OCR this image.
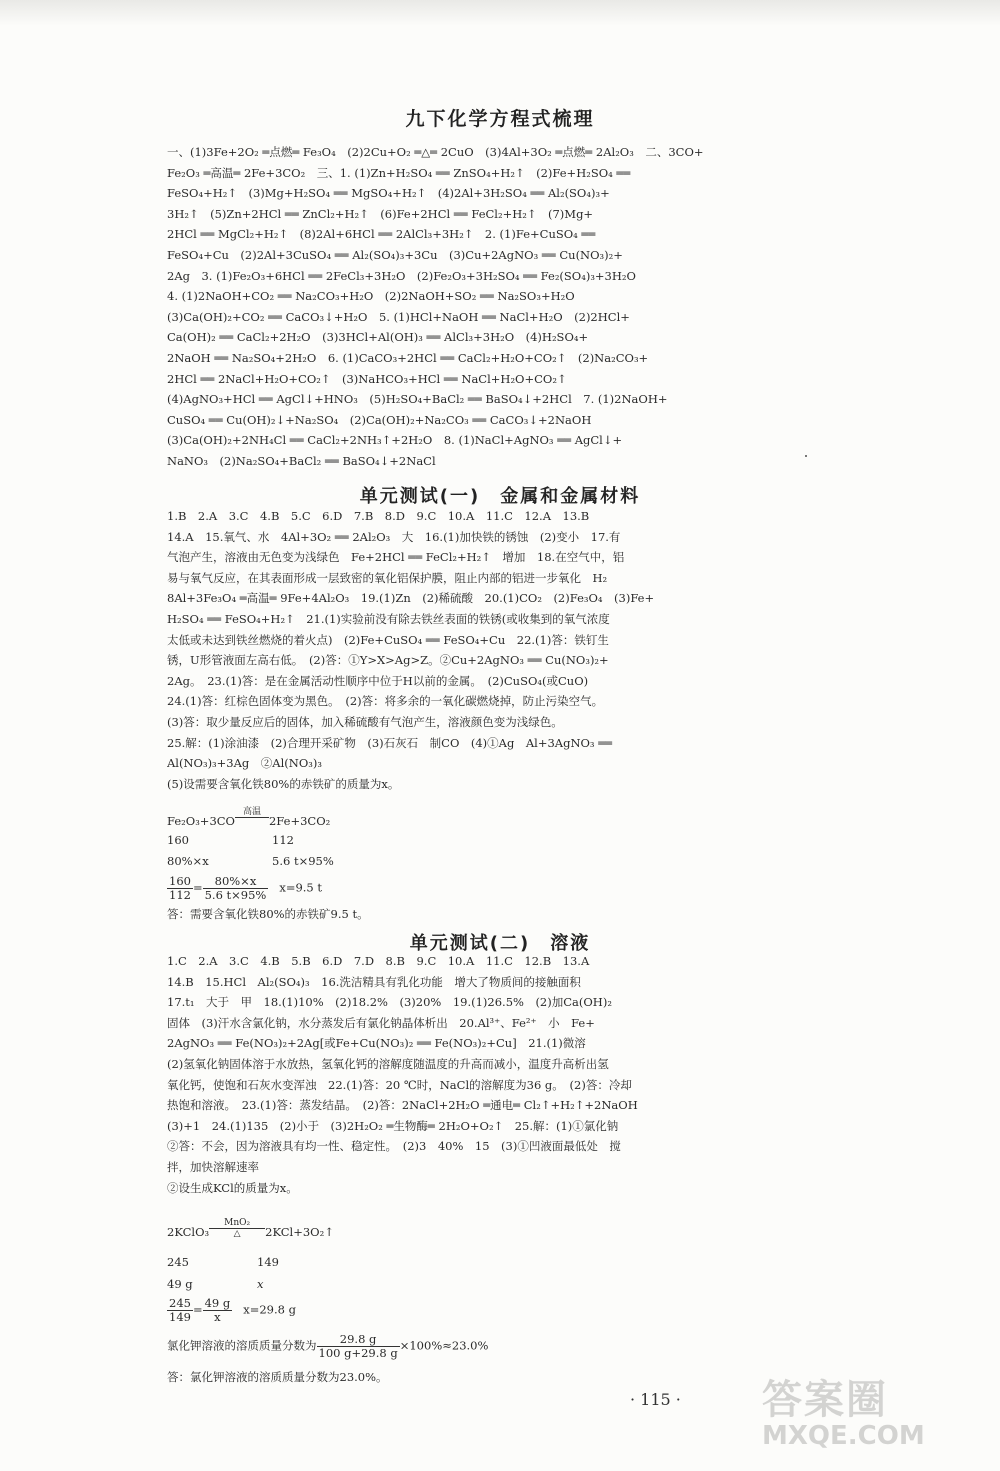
九下化学方程式梳理
一、(1)3Fe+2O₂ ═点燃═ Fe₃O₄　(2)2Cu+O₂ ═△═ 2CuO　(3)4Al+3O₂ ═点燃═ 2Al₂O₃　二、3CO+
Fe₂O₃ ═高温═ 2Fe+3CO₂　三、1. (1)Zn+H₂SO₄ ══ ZnSO₄+H₂↑　(2)Fe+H₂SO₄ ══
FeSO₄+H₂↑　(3)Mg+H₂SO₄ ══ MgSO₄+H₂↑　(4)2Al+3H₂SO₄ ══ Al₂(SO₄)₃+
3H₂↑　(5)Zn+2HCl ══ ZnCl₂+H₂↑　(6)Fe+2HCl ══ FeCl₂+H₂↑　(7)Mg+
2HCl ══ MgCl₂+H₂↑　(8)2Al+6HCl ══ 2AlCl₃+3H₂↑　2. (1)Fe+CuSO₄ ══
FeSO₄+Cu　(2)2Al+3CuSO₄ ══ Al₂(SO₄)₃+3Cu　(3)Cu+2AgNO₃ ══ Cu(NO₃)₂+
2Ag　3. (1)Fe₂O₃+6HCl ══ 2FeCl₃+3H₂O　(2)Fe₂O₃+3H₂SO₄ ══ Fe₂(SO₄)₃+3H₂O
4. (1)2NaOH+CO₂ ══ Na₂CO₃+H₂O　(2)2NaOH+SO₂ ══ Na₂SO₃+H₂O
(3)Ca(OH)₂+CO₂ ══ CaCO₃↓+H₂O　5. (1)HCl+NaOH ══ NaCl+H₂O　(2)2HCl+
Ca(OH)₂ ══ CaCl₂+2H₂O　(3)3HCl+Al(OH)₃ ══ AlCl₃+3H₂O　(4)H₂SO₄+
2NaOH ══ Na₂SO₄+2H₂O　6. (1)CaCO₃+2HCl ══ CaCl₂+H₂O+CO₂↑　(2)Na₂CO₃+
2HCl ══ 2NaCl+H₂O+CO₂↑　(3)NaHCO₃+HCl ══ NaCl+H₂O+CO₂↑
(4)AgNO₃+HCl ══ AgCl↓+HNO₃　(5)H₂SO₄+BaCl₂ ══ BaSO₄↓+2HCl　7. (1)2NaOH+
CuSO₄ ══ Cu(OH)₂↓+Na₂SO₄　(2)Ca(OH)₂+Na₂CO₃ ══ CaCO₃↓+2NaOH
(3)Ca(OH)₂+2NH₄Cl ══ CaCl₂+2NH₃↑+2H₂O　8. (1)NaCl+AgNO₃ ══ AgCl↓+
NaNO₃　(2)Na₂SO₄+BaCl₂ ══ BaSO₄↓+2NaCl
单元测试(一)　金属和金属材料
1.B　2.A　3.C　4.B　5.C　6.D　7.B　8.D　9.C　10.A　11.C　12.A　13.B
14.A　15.氧气、水　4Al+3O₂ ══ 2Al₂O₃　大　16.(1)加快铁的锈蚀　(2)变小　17.有
气泡产生，溶液由无色变为浅绿色　Fe+2HCl ══ FeCl₂+H₂↑　增加　18.在空气中，铝
易与氧气反应，在其表面形成一层致密的氧化铝保护膜，阻止内部的铝进一步氧化　H₂
8Al+3Fe₃O₄ ═高温═ 9Fe+4Al₂O₃　19.(1)Zn　(2)稀硫酸　20.(1)CO₂　(2)Fe₃O₄　(3)Fe+
H₂SO₄ ══ FeSO₄+H₂↑　21.(1)实验前没有除去铁丝表面的铁锈(或收集到的氧气浓度
太低或未达到铁丝燃烧的着火点)　(2)Fe+CuSO₄ ══ FeSO₄+Cu　22.(1)答：铁钉生
锈，U形管液面左高右低。　(2)答：①Y>X>Ag>Z。②Cu+2AgNO₃ ══ Cu(NO₃)₂+
2Ag。　23.(1)答：是在金属活动性顺序中位于H以前的金属。　(2)CuSO₄(或CuO)
24.(1)答：红棕色固体变为黑色。　(2)答：将多余的一氧化碳燃烧掉，防止污染空气。
(3)答：取少量反应后的固体，加入稀硫酸有气泡产生，溶液颜色变为浅绿色。
25.解：(1)涂油漆　(2)合理开采矿物　(3)石灰石　制CO　(4)①Ag　Al+3AgNO₃ ══
Al(NO₃)₃+3Ag　②Al(NO₃)₃
(5)设需要含氧化铁80%的赤铁矿的质量为x。
Fe₂O₃+3CO
高温

2Fe+3CO₂
160	112
80%×x	5.6 t×95%
$\frac{160}{112} = \frac{80\%\times x}{5.6 t\times 95\%} x=9.5$ t
答：需要含氧化铁80%的赤铁矿9.5 t。
单元测试(二)　溶液
1.C　2.A　3.C　4.B　5.B　6.D　7.D　8.B　9.C　10.A　11.C　12.B　13.A
14.B　15.HCl　Al₂(SO₄)₃　16.洗洁精具有乳化功能　增大了物质间的接触面积
17.t₁　大于　甲　18.(1)10%　(2)18.2%　(3)20%　19.(1)26.5%　(2)加Ca(OH)₂
固体　(3)汗水含氯化钠，水分蒸发后有氯化钠晶体析出　20.Al³⁺、Fe²⁺　小　Fe+
2AgNO₃ ══ Fe(NO₃)₂+2Ag[或Fe+Cu(NO₃)₂ ══ Fe(NO₃)₂+Cu]　21.(1)微溶
(2)氢氧化钠固体溶于水放热，氢氧化钙的溶解度随温度的升高而减小，温度升高析出氢
氧化钙，使饱和石灰水变浑浊　22.(1)答：20 ℃时，NaCl的溶解度为36 g。　(2)答：冷却
热饱和溶液。　23.(1)答：蒸发结晶。　(2)答：2NaCl+2H₂O ═通电═ Cl₂↑+H₂↑+2NaOH
(3)+1　24.(1)135　(2)小于　(3)2H₂O₂ ═生物酶═ 2H₂O+O₂↑　25.解：(1)①氯化钠
②答：不会，因为溶液具有均一性、稳定性。　(2)3　40%　15　(3)①凹液面最低处　搅
拌，加快溶解速率
②设生成KCl的质量为x。
2KClO₃
MnO₂
△	2KCl+3O₂↑
245	149
49 g	x
$\frac{245}{149} = \frac{49 g}{x} x=29.8$ g
氯化钾溶液的溶质质量分数为 $\frac{29.8 g}{100 g+29.8 g} \times 100\%\approx 23.0\%$
答：氯化钾溶液的溶质质量分数为23.0%。
· 115 · 答案圈
MXQE.COM
